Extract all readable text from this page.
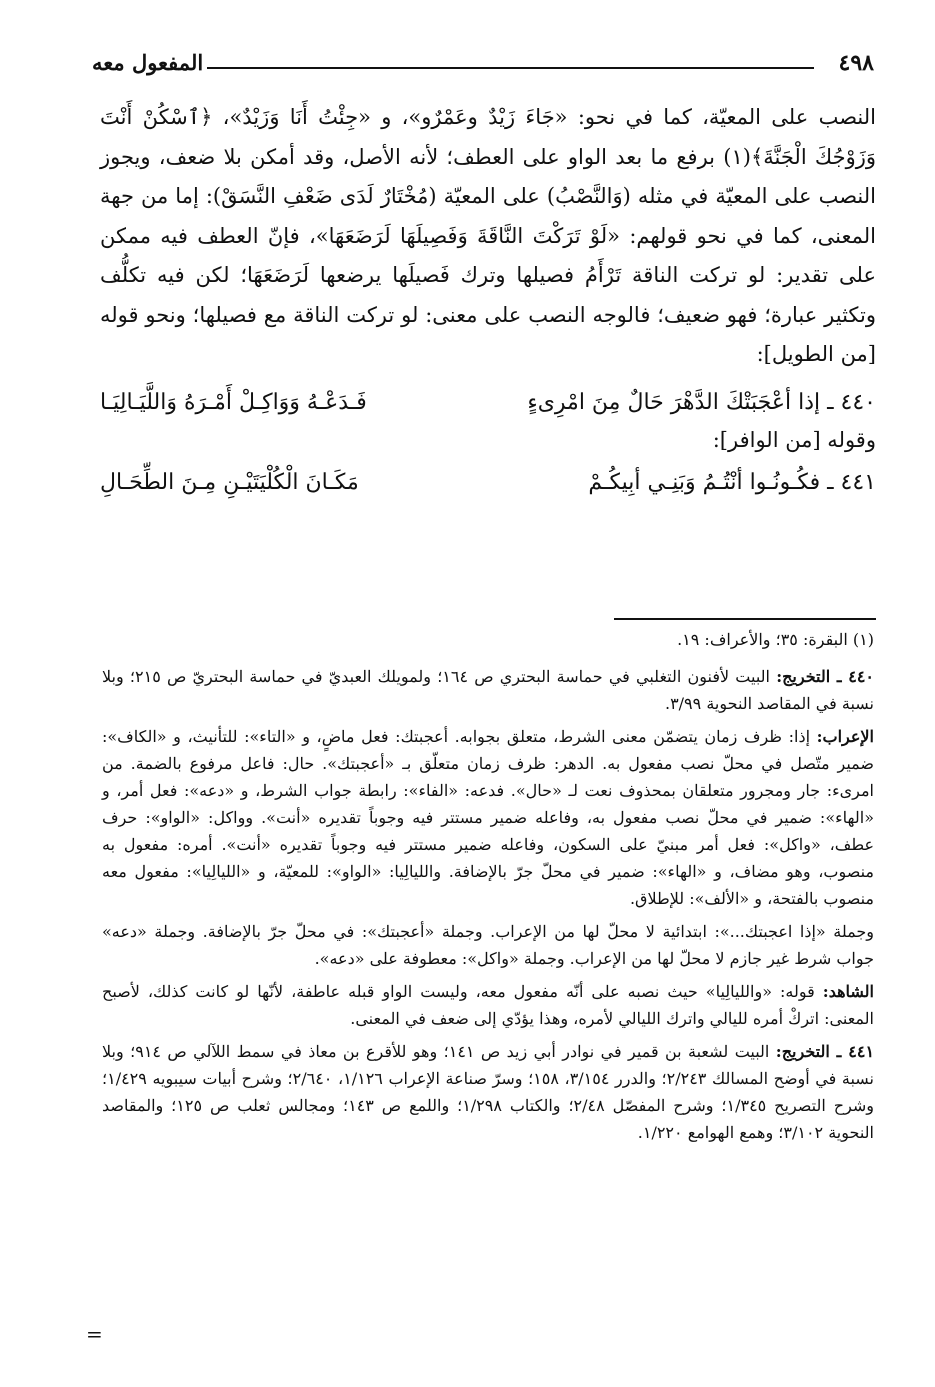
٤٩٨
المفعول معه

النصب على المعيّة، كما في نحو: «جَاءَ زَيْدٌ وعَمْرٌو»، و «جِئْتُ أَنَا وَزَيْدٌ»، ﴿ٱسْكُنْ أَنْتَ وَزَوْجُكَ الْجَنَّةَ﴾(١) برفع ما بعد الواو على العطف؛ لأنه الأصل، وقد أمكن بلا ضعف، ويجوز النصب على المعيّة في مثله (وَالنَّصْبُ) على المعيّة (مُخْتَارٌ لَدَى ضَعْفِ النَّسَقْ): إما من جهة المعنى، كما في نحو قولهم: «لَوْ تَرَكْتَ النَّاقَةَ وَفَصِيلَهَا لَرَضَعَهَا»، فإنّ العطف فيه ممكن على تقدير: لو تركت الناقة تَرْأَمُ فصيلها وترك فَصيلَها يرضعها لَرَضَعَهَا؛ لكن فيه تكلُّف وتكثير عبارة؛ فهو ضعيف؛ فالوجه النصب على معنى: لو تركت الناقة مع فصيلها؛ ونحو قوله [من الطويل]:

٤٤٠ ـ إذا أعْجَبَتْكَ الدَّهْرَ حَالٌ مِنَ امْرِىءٍ
فَـدَعْـهُ وَوَاكِـلْ أَمْـرَهُ وَاللَّيَـالِيَـا

وقوله [من الوافر]:

٤٤١ ـ فكُـونُـوا أنْتُـمُ وَبَنِـي أبِيكُـمْ
مَكَـانَ الْكُلْيَتَيْـنِ مِـنَ الطِّحَـالِ

(١) البقرة: ٣٥؛ والأعراف: ١٩.

٤٤٠ ـ التخريج: البيت لأفنون التغلبي في حماسة البحتري ص ١٦٤؛ ولمويلك العبديّ في حماسة البحتريّ ص ٢١٥؛ وبلا نسبة في المقاصد النحوية ٣/٩٩.

الإعراب: إذا: ظرف زمان يتضمّن معنى الشرط، متعلق بجوابه. أعجبتك: فعل ماضٍ، و «التاء»: للتأنيث، و «الكاف»: ضمير متّصل في محلّ نصب مفعول به. الدهر: ظرف زمان متعلّق بـ «أعجبتك». حال: فاعل مرفوع بالضمة. من امرىء: جار ومجرور متعلقان بمحذوف نعت لـ «حال». فدعه: «الفاء»: رابطة جواب الشرط، و «دعه»: فعل أمر، و «الهاء»: ضمير في محلّ نصب مفعول به، وفاعله ضمير مستتر فيه وجوباً تقديره «أنت». وواكل: «الواو»: حرف عطف، «واكل»: فعل أمر مبنيّ على السكون، وفاعله ضمير مستتر فيه وجوباً تقديره «أنت». أمره: مفعول به منصوب، وهو مضاف، و «الهاء»: ضمير في محلّ جرّ بالإضافة. والليالِيا: «الواو»: للمعيّة، و «الليالِيا»: مفعول معه منصوب بالفتحة، و «الألف»: للإطلاق.

وجملة «إذا اعجبتك...»: ابتدائية لا محلّ لها من الإعراب. وجملة «أعجبتك»: في محلّ جرّ بالإضافة. وجملة «دعه» جواب شرط غير جازم لا محلّ لها من الإعراب. وجملة «واكل»: معطوفة على «دعه».

الشاهد: قوله: «والليالِيا» حيث نصبه على أنّه مفعول معه، وليست الواو قبله عاطفة، لأنّها لو كانت كذلك، لأصبح المعنى: اتركْ أمره لليالي واترك الليالي لأمره، وهذا يؤدّي إلى ضعف في المعنى.

٤٤١ ـ التخريج: البيت لشعبة بن قمير في نوادر أبي زيد ص ١٤١؛ وهو للأقرع بن معاذ في سمط اللآلي ص ٩١٤؛ وبلا نسبة في أوضح المسالك ٢/٢٤٣؛ والدرر ٣/١٥٤، ١٥٨؛ وسرّ صناعة الإعراب ١/١٢٦، ٢/٦٤٠؛ وشرح أبيات سيبويه ١/٤٢٩؛ وشرح التصريح ١/٣٤٥؛ وشرح المفصّل ٢/٤٨؛ والكتاب ١/٢٩٨؛ واللمع ص ١٤٣؛ ومجالس ثعلب ص ١٢٥؛ والمقاصد النحوية ٣/١٠٢؛ وهمع الهوامع ١/٢٢٠.

=
